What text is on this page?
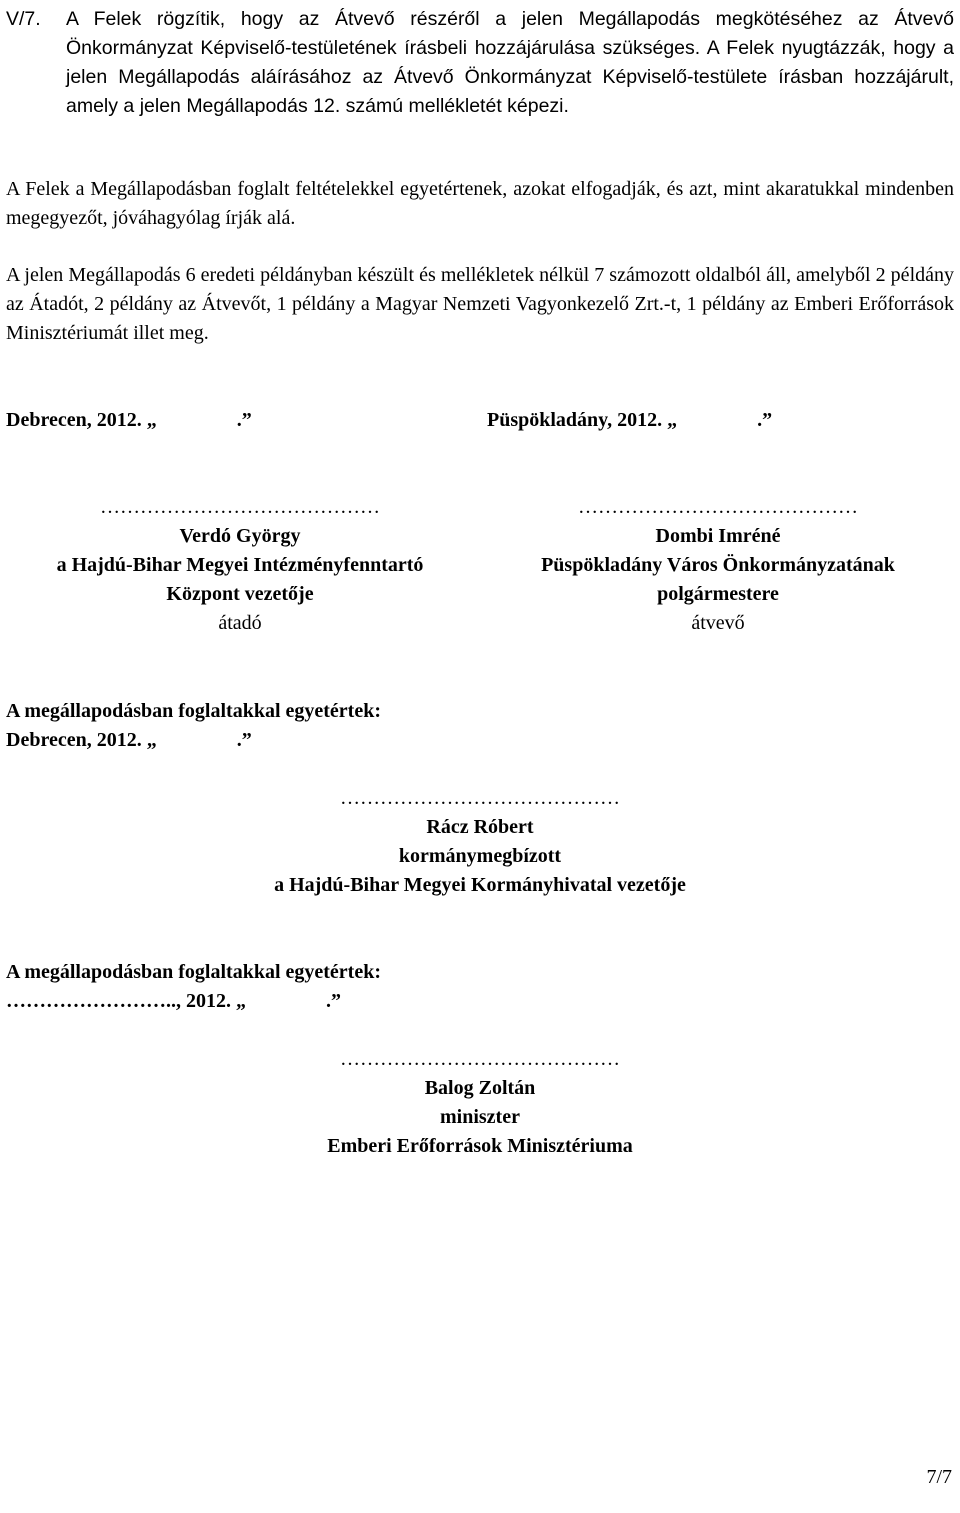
V/7. A Felek rögzítik, hogy az Átvevő részéről a jelen Megállapodás megkötéséhez az Átvevő Önkormányzat Képviselő-testületének írásbeli hozzájárulása szükséges. A Felek nyugtázzák, hogy a jelen Megállapodás aláírásához az Átvevő Önkormányzat Képviselő-testülete írásban hozzájárult, amely a jelen Megállapodás 12. számú mellékletét képezi.
A Felek a Megállapodásban foglalt feltételekkel egyetértenek, azokat elfogadják, és azt, mint akaratukkal mindenben megegyezőt, jóváhagyólag írják alá.
A jelen Megállapodás 6 eredeti példányban készült és mellékletek nélkül 7 számozott oldalból áll, amelyből 2 példány az Átadót, 2 példány az Átvevőt, 1 példány a Magyar Nemzeti Vagyonkezelő Zrt.-t, 1 példány az Emberi Erőforrások Minisztériumát illet meg.
Debrecen, 2012. „                .”	Püspökladány, 2012. „                .”
……………………………………
Verdó György
a Hajdú-Bihar Megyei Intézményfenntartó
Központ vezetője
átadó
……………………………………
Dombi Imréné
Püspökladány Város Önkormányzatának
polgármestere
átvevő
A megállapodásban foglaltakkal egyetértek:
Debrecen, 2012. „                .”
……………………………………
Rácz Róbert
kormánymegbízott
a Hajdú-Bihar Megyei Kormányhivatal vezetője
A megállapodásban foglaltakkal egyetértek:
…………………….., 2012. „                .”
……………………………………
Balog Zoltán
miniszter
Emberi Erőforrások Minisztériuma
7/7
